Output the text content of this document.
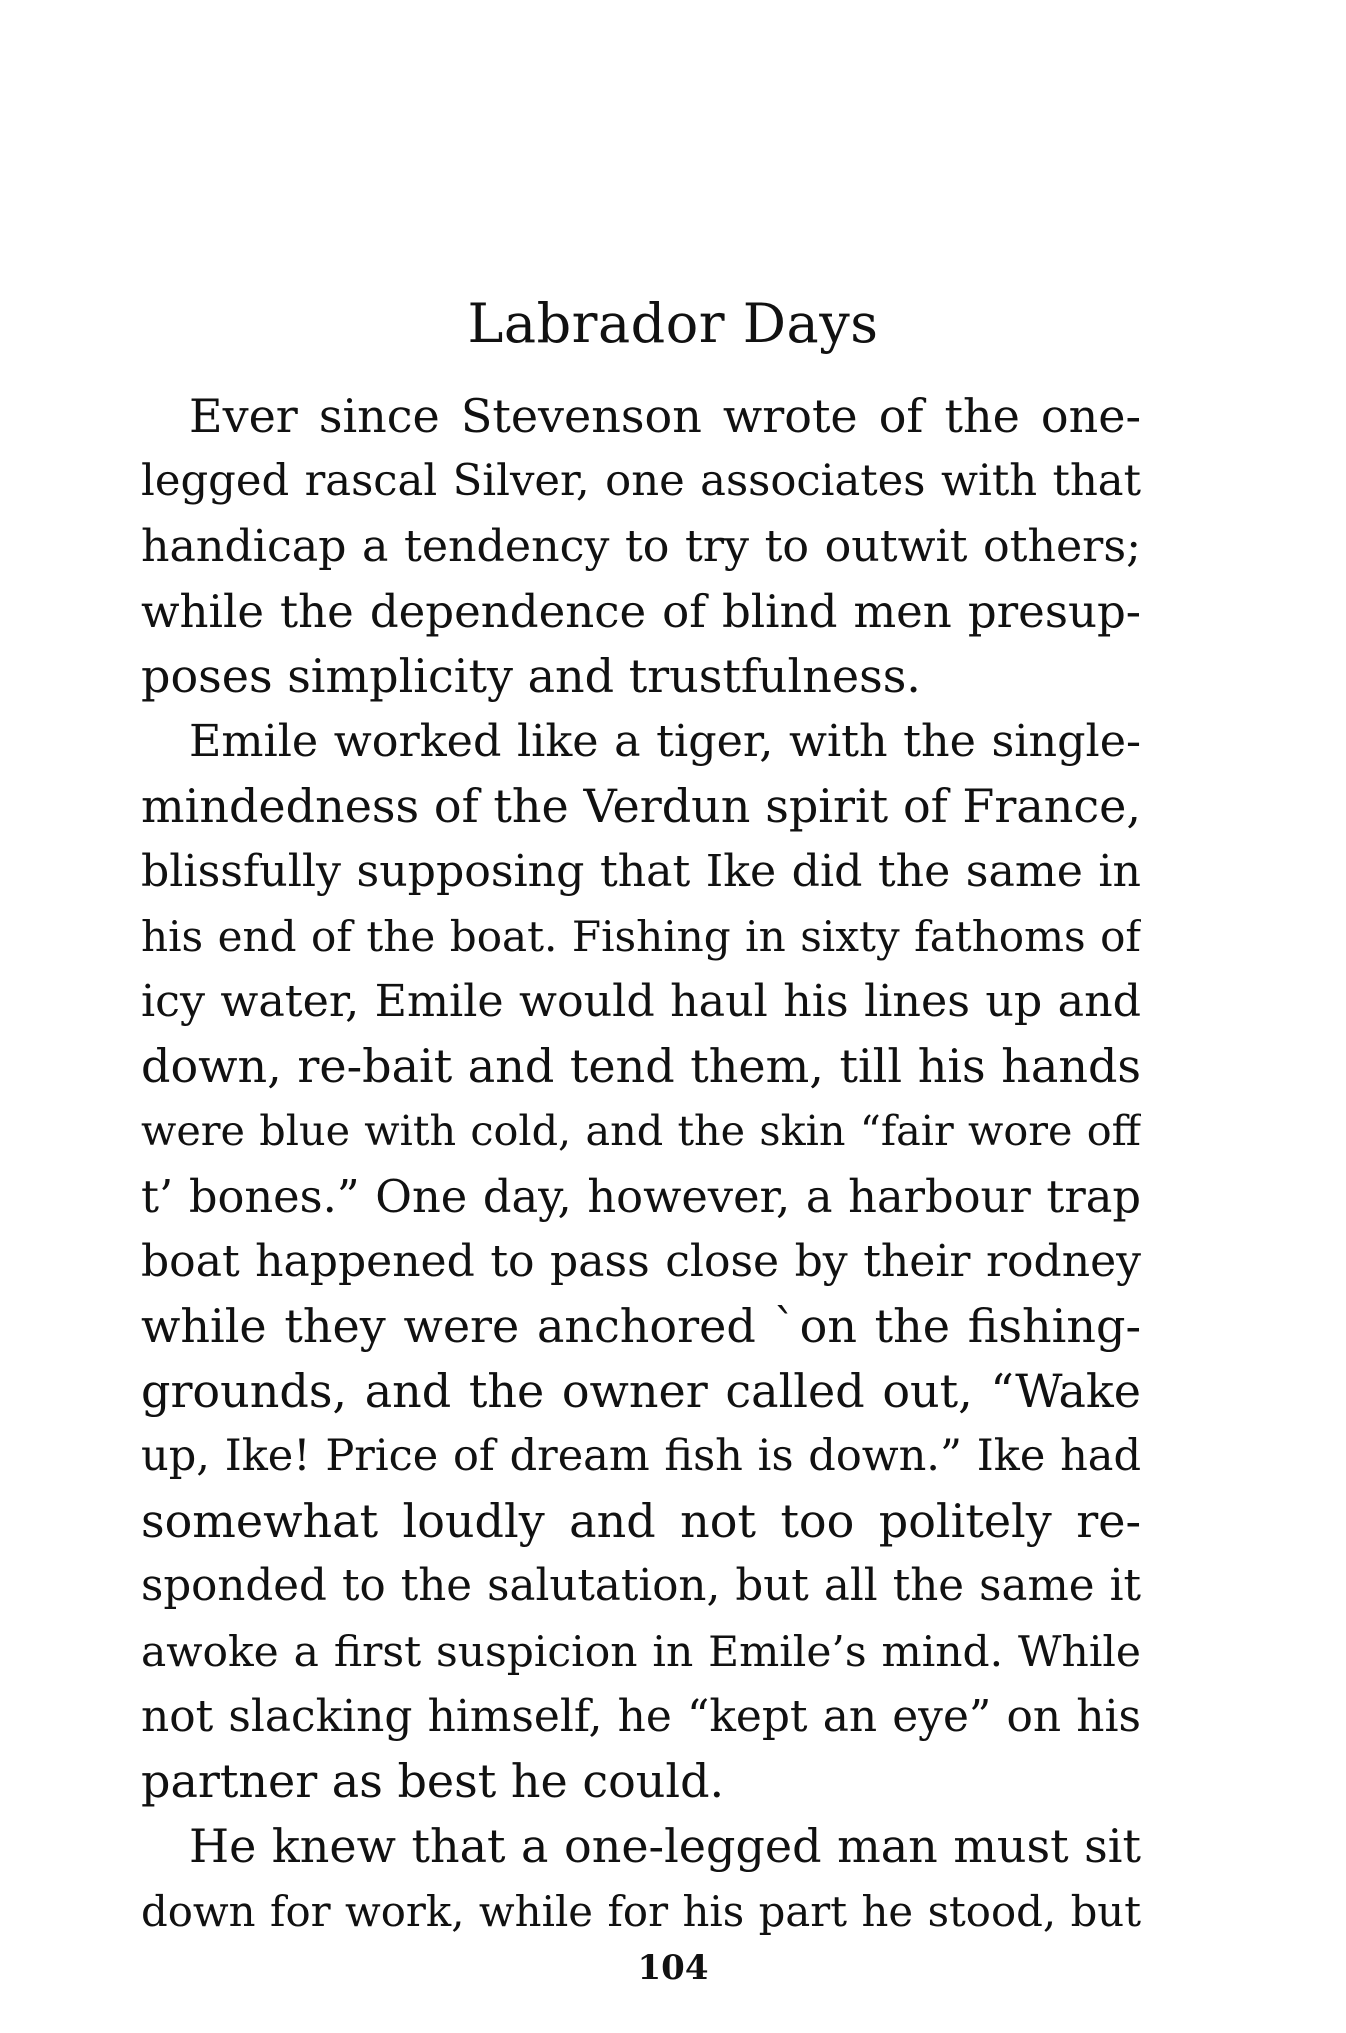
Labrador Days
Ever since Stevenson wrote of the one-
legged rascal Silver, one associates with that
handicap a tendency to try to outwit others;
while the dependence of blind men presup-
poses simplicity and trustfulness.
Emile worked like a tiger, with the single-
mindedness of the Verdun spirit of France,
blissfully supposing that Ike did the same in
his end of the boat. Fishing in sixty fathoms of
icy water, Emile would haul his lines up and
down, re-bait and tend them, till his hands
were blue with cold, and the skin “fair wore off
t’ bones.” One day, however, a harbour trap
boat happened to pass close by their rodney
while they were anchored ˋon the fishing-
grounds, and the owner called out, “Wake
up, Ike! Price of dream fish is down.” Ike had
somewhat loudly and not too politely re-
sponded to the salutation, but all the same it
awoke a first suspicion in Emile’s mind. While
not slacking himself, he “kept an eye” on his
partner as best he could.
He knew that a one-legged man must sit
down for work, while for his part he stood, but
104
